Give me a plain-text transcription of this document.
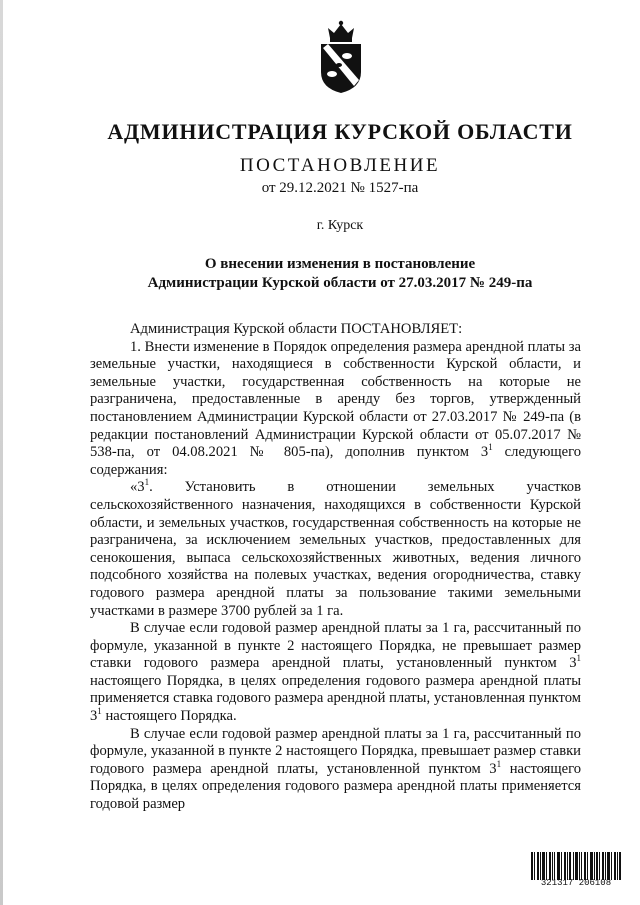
АДМИНИСТРАЦИЯ КУРСКОЙ ОБЛАСТИ
ПОСТАНОВЛЕНИЕ
от 29.12.2021 № 1527-па
г. Курск
О внесении изменения в постановление
Администрации Курской области от 27.03.2017 № 249-па

Администрация Курской области ПОСТАНОВЛЯЕТ:

1. Внести изменение в Порядок определения размера арендной платы за земельные участки, находящиеся в собственности Курской области, и земельные участки, государственная собственность на которые не разграничена, предоставленные в аренду без торгов, утвержденный постановлением Администрации Курской области от 27.03.2017 № 249-па (в редакции постановлений Администрации Курской области от 05.07.2017 № 538-па, от 04.08.2021 № 805-па), дополнив пунктом $3^1$ следующего содержания:

«$3^1$. Установить в отношении земельных участков сельскохозяйственного назначения, находящихся в собственности Курской области, и земельных участков, государственная собственность на которые не разграничена, за исключением земельных участков, предоставленных для сенокошения, выпаса сельскохозяйственных животных, ведения личного подсобного хозяйства на полевых участках, ведения огородничества, ставку годового размера арендной платы за пользование такими земельными участками в размере 3700 рублей за 1 га.

В случае если годовой размер арендной платы за 1 га, рассчитанный по формуле, указанной в пункте 2 настоящего Порядка, не превышает размер ставки годового размера арендной платы, установленный пунктом $3^1$ настоящего Порядка, в целях определения годового размера арендной платы применяется ставка годового размера арендной платы, установленная пунктом $3^1$ настоящего Порядка.

В случае если годовой размер арендной платы за 1 га, рассчитанный по формуле, указанной в пункте 2 настоящего Порядка, превышает размер ставки годового размера арендной платы, установленной пунктом $3^1$ настоящего Порядка, в целях определения годового размера арендной платы применяется годовой размер

321317 206108
